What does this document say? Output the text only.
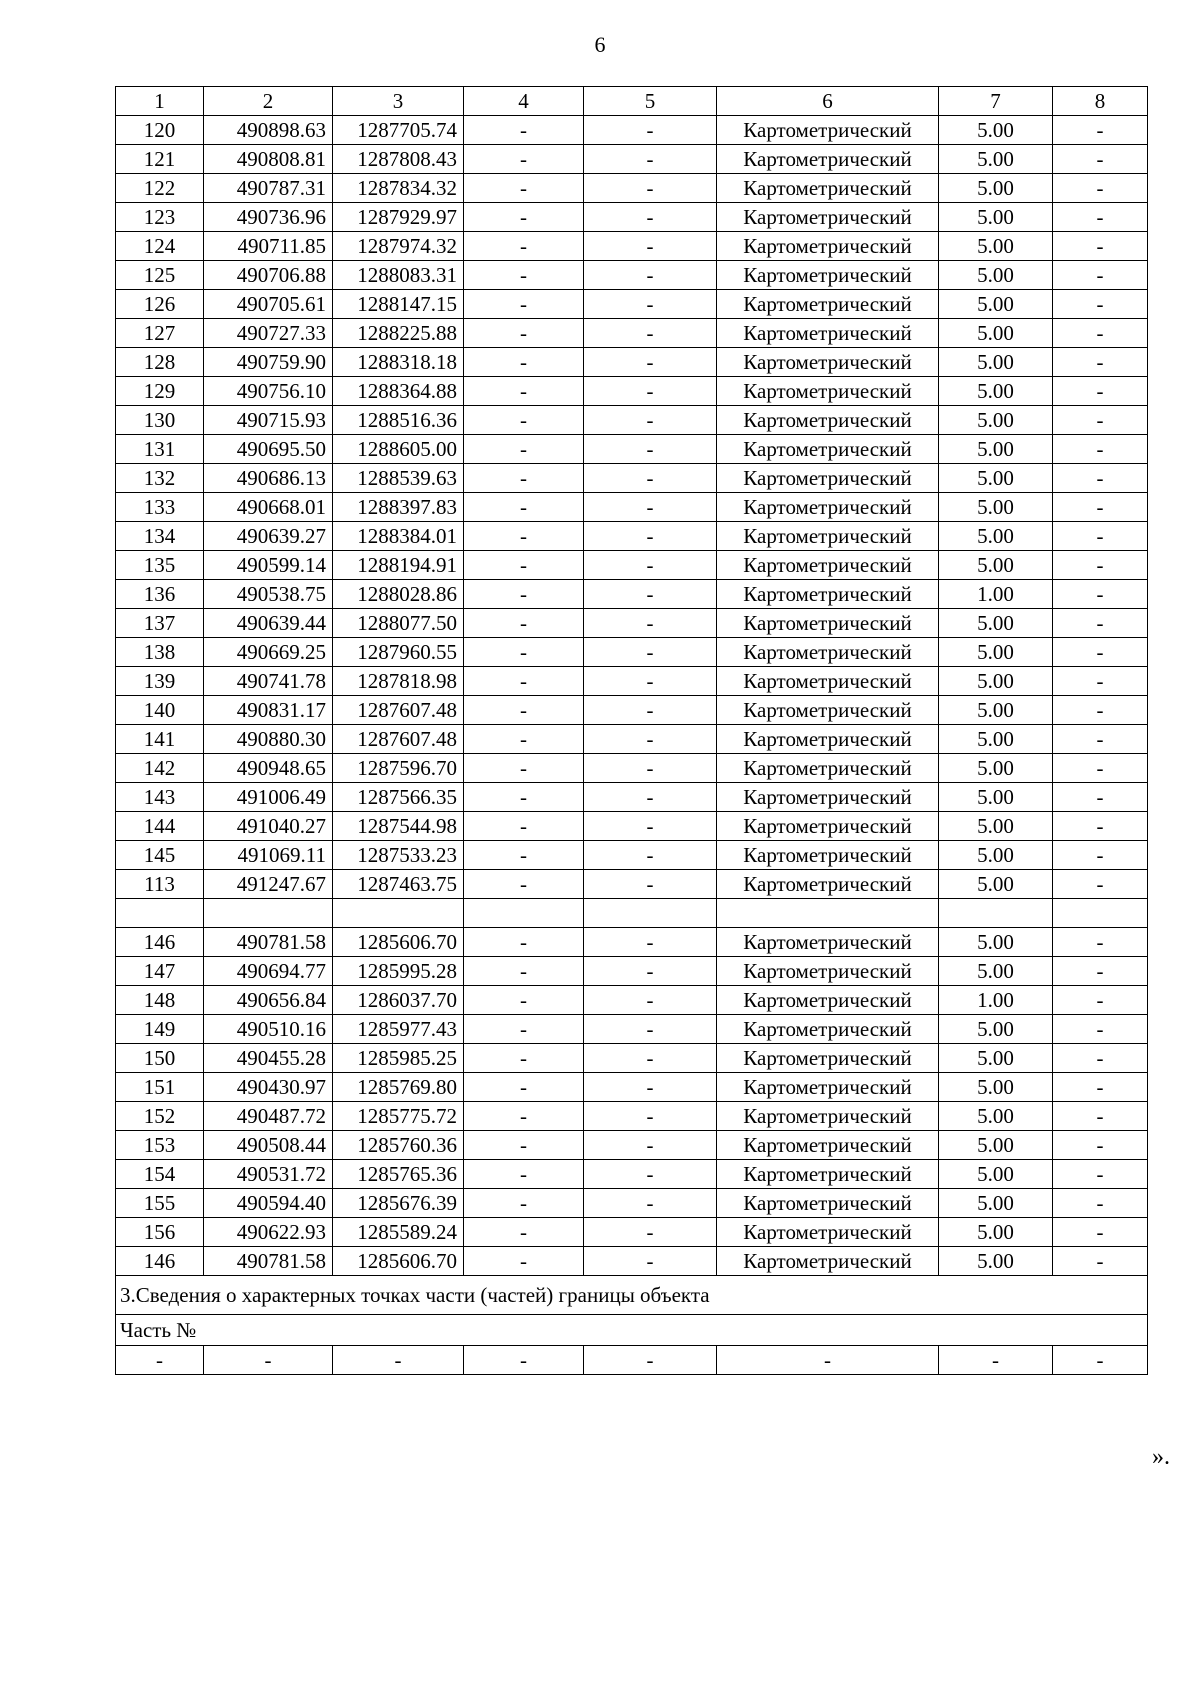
6
1	2	3	4	5	6	7	8
120	490898.63	1287705.74	-	-	Картометрический	5.00	-
121	490808.81	1287808.43	-	-	Картометрический	5.00	-
122	490787.31	1287834.32	-	-	Картометрический	5.00	-
123	490736.96	1287929.97	-	-	Картометрический	5.00	-
124	490711.85	1287974.32	-	-	Картометрический	5.00	-
125	490706.88	1288083.31	-	-	Картометрический	5.00	-
126	490705.61	1288147.15	-	-	Картометрический	5.00	-
127	490727.33	1288225.88	-	-	Картометрический	5.00	-
128	490759.90	1288318.18	-	-	Картометрический	5.00	-
129	490756.10	1288364.88	-	-	Картометрический	5.00	-
130	490715.93	1288516.36	-	-	Картометрический	5.00	-
131	490695.50	1288605.00	-	-	Картометрический	5.00	-
132	490686.13	1288539.63	-	-	Картометрический	5.00	-
133	490668.01	1288397.83	-	-	Картометрический	5.00	-
134	490639.27	1288384.01	-	-	Картометрический	5.00	-
135	490599.14	1288194.91	-	-	Картометрический	5.00	-
136	490538.75	1288028.86	-	-	Картометрический	1.00	-
137	490639.44	1288077.50	-	-	Картометрический	5.00	-
138	490669.25	1287960.55	-	-	Картометрический	5.00	-
139	490741.78	1287818.98	-	-	Картометрический	5.00	-
140	490831.17	1287607.48	-	-	Картометрический	5.00	-
141	490880.30	1287607.48	-	-	Картометрический	5.00	-
142	490948.65	1287596.70	-	-	Картометрический	5.00	-
143	491006.49	1287566.35	-	-	Картометрический	5.00	-
144	491040.27	1287544.98	-	-	Картометрический	5.00	-
145	491069.11	1287533.23	-	-	Картометрический	5.00	-
113	491247.67	1287463.75	-	-	Картометрический	5.00	-

146	490781.58	1285606.70	-	-	Картометрический	5.00	-
147	490694.77	1285995.28	-	-	Картометрический	5.00	-
148	490656.84	1286037.70	-	-	Картометрический	1.00	-
149	490510.16	1285977.43	-	-	Картометрический	5.00	-
150	490455.28	1285985.25	-	-	Картометрический	5.00	-
151	490430.97	1285769.80	-	-	Картометрический	5.00	-
152	490487.72	1285775.72	-	-	Картометрический	5.00	-
153	490508.44	1285760.36	-	-	Картометрический	5.00	-
154	490531.72	1285765.36	-	-	Картометрический	5.00	-
155	490594.40	1285676.39	-	-	Картометрический	5.00	-
156	490622.93	1285589.24	-	-	Картометрический	5.00	-
146	490781.58	1285606.70	-	-	Картометрический	5.00	-
3.Сведения о характерных точках части (частей) границы объекта							
Часть №							
-	-	-	-	-	-	-	-
».
